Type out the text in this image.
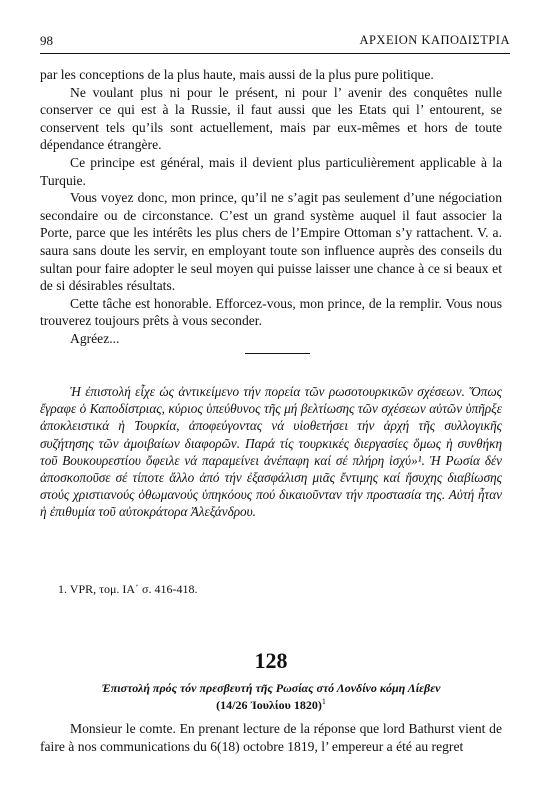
98	ΑΡΧΕΙΟΝ ΚΑΠΟΔΙΣΤΡΙΑ

par les conceptions de la plus haute, mais aussi de la plus pure politique.

Ne voulant plus ni pour le présent, ni pour l’ avenir des conquêtes nulle conserver ce qui est à la Russie, il faut aussi que les Etats qui l’ entourent, se conservent tels qu’ils sont actuellement, mais par eux-mêmes et hors de toute dépendance étrangère.

Ce principe est général, mais il devient plus particulièrement applicable à la Turquie.

Vous voyez donc, mon prince, qu’il ne s’agit pas seulement d’une négociation secondaire ou de circonstance. C’est un grand système auquel il faut associer la Porte, parce que les intérêts les plus chers de l’Empire Ottoman s’y rattachent. V. a. saura sans doute les servir, en employant toute son influence auprès des conseils du sultan pour faire adopter le seul moyen qui puisse laisser une chance à ce si beaux et de si désirables résultats.

Cette tâche est honorable. Efforcez-vous, mon prince, de la remplir. Vous nous trouverez toujours prêts à vous seconder.

Agréez...

Ἡ ἐπιστολή εἶχε ὡς ἀντικείμενο τήν πορεία τῶν ρωσοτουρκικῶν σχέσεων. Ὅπως ἔγραφε ὁ Καποδίστριας, κύριος ὑπεύθυνος τῆς μή βελτίωσης τῶν σχέσεων αὐτῶν ὑπῆρξε ἀποκλειστικά ἡ Τουρκία, ἀποφεύγοντας νά υἱοθετήσει τήν ἀρχή τῆς συλλογικῆς συζήτησης τῶν ἀμοιβαίων διαφορῶν. Παρά τίς τουρκικές διεργασίες ὅμως ἡ συνθήκη τοῦ Βουκουρεστίου ὄφειλε νά παραμείνει ἀνέπαφη καί σέ πλήρη ἰσχύ»¹. Ἡ Ρωσία δέν ἀποσκοποῦσε σέ τίποτε ἄλλο ἀπό τήν ἐξασφάλιση μιᾶς ἔντιμης καί ἥσυχης διαβίωσης στούς χριστιανούς ὁθωμανούς ὑπηκόους πού δικαιοῦνταν τήν προστασία της. Αὐτή ἦταν ἡ ἐπιθυμία τοῦ αὐτοκράτορα Ἀλεξάνδρου.

1. VPR, τομ. ΙΑ΄ σ. 416-418.
128
Ἐπιστολή πρός τόν πρεσβευτή τῆς Ρωσίας στό Λονδίνο κόμη Λίεβεν
(14/26 Ἰουλίου 1820)$^1$

Monsieur le comte. En prenant lecture de la réponse que lord Bathurst vient de faire à nos communications du 6(18) octobre 1819, l’ empereur a été au regret
